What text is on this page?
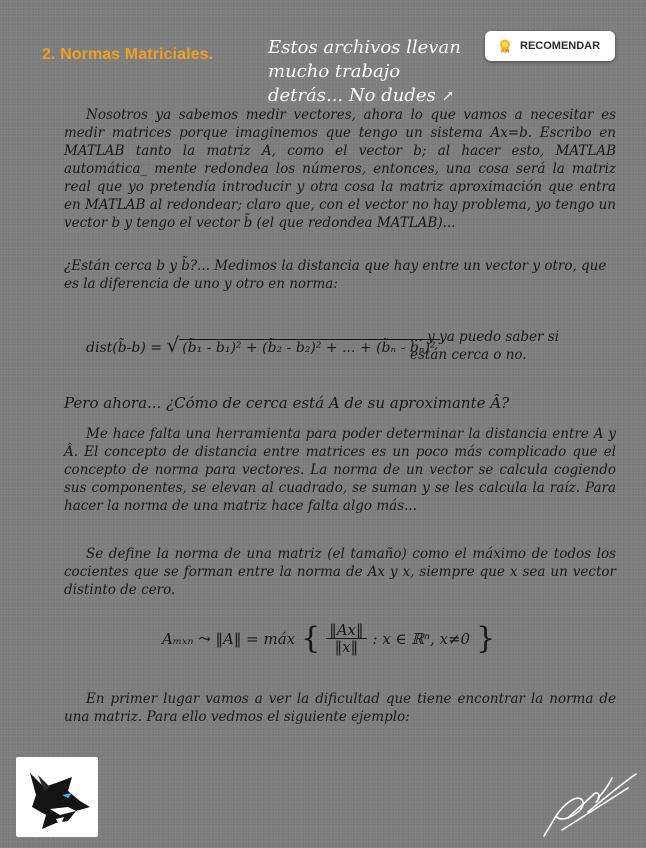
2. Normas Matriciales.	Estos archivos llevan
mucho trabajo detrás... No dudes ↗
RECOMENDAR
Nosotros ya sabemos medir vectores, ahora lo que vamos a necesitar es medir matrices porque imaginemos que tengo un sistema Ax=b. Escribo en MATLAB tanto la matriz A, como el vector b; al hacer esto, MATLAB automática_ mente redondea los números, entonces, una cosa será la matriz real que yo pretendía introducir y otra cosa la matriz aproximación que entra en MATLAB al redondear; claro que, con el vector no hay problema, yo tengo un vector b y tengo el vector b̃ (el que redondea MATLAB)...
¿Están cerca b y b̃?... Medimos la distancia que hay entre un vector y otro, que es la diferencia de uno y otro en norma:
dist(b̃-b) = √ (b̃₁ - b₁)² + (b̃₂ - b₂)² + ... + (b̃ₙ - bₙ)²
... y ya puedo saber si están cerca o no.
Pero ahora... ¿Cómo de cerca está A de su aproximante Â?
Me hace falta una herramienta para poder determinar la distancia entre A y Â. El concepto de distancia entre matrices es un poco más complicado que el concepto de norma para vectores. La norma de un vector se calcula cogiendo sus componentes, se elevan al cuadrado, se suman y se les calcula la raíz. Para hacer la norma de una matriz hace falta algo más...
Se define la norma de una matriz (el tamaño) como el máximo de todos los cocientes que se forman entre la norma de Ax y x, siempre que x sea un vector distinto de cero.
Aₘₓₙ ⤳ ‖A‖ = máx { $\frac{‖Ax‖}{‖x‖}$ : x ∈ ℝⁿ, x≠0 }
En primer lugar vamos a ver la dificultad que tiene encontrar la norma de una matriz. Para ello vedmos el siguiente ejemplo:
